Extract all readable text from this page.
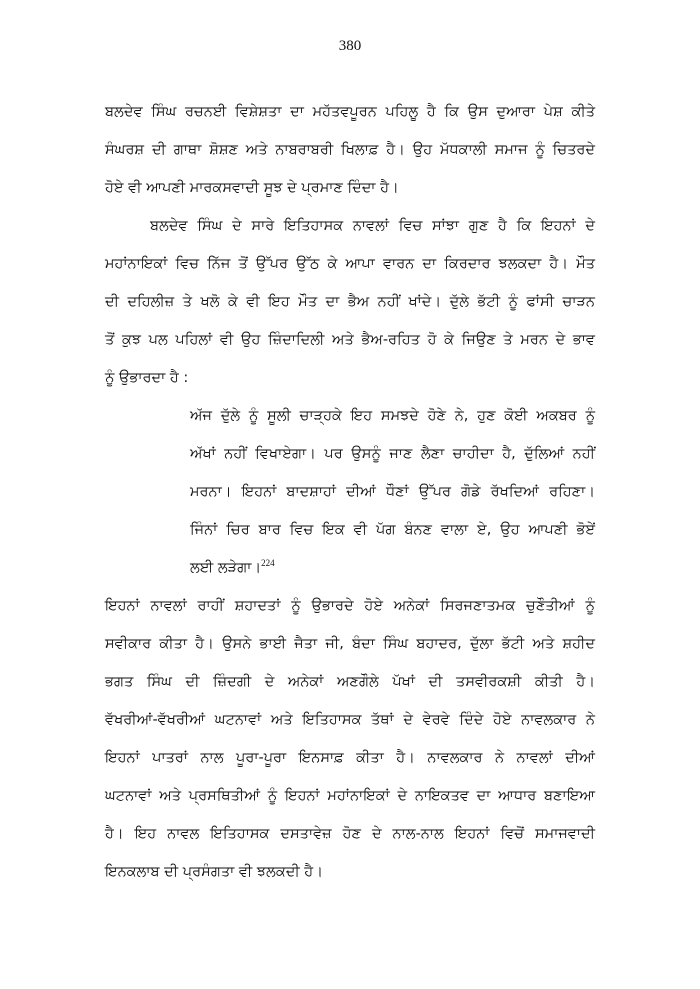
380
ਬਲਦੇਵ ਸਿੰਘ ਰਚਨਈ ਵਿਸ਼ੇਸ਼ਤਾ ਦਾ ਮਹੱਤਵਪੂਰਨ ਪਹਿਲੂ ਹੈ ਕਿ ਉਸ ਦੁਆਰਾ ਪੇਸ਼ ਕੀਤੇ
ਸੰਘਰਸ਼ ਦੀ ਗਾਥਾ ਸ਼ੋਸ਼ਣ ਅਤੇ ਨਾਬਰਾਬਰੀ ਖਿਲਾਫ਼ ਹੈ। ਉਹ ਮੱਧਕਾਲੀ ਸਮਾਜ ਨੂੰ ਚਿਤਰਦੇ
ਹੋਏ ਵੀ ਆਪਣੀ ਮਾਰਕਸਵਾਦੀ ਸੂਝ ਦੇ ਪ੍ਰਮਾਣ ਦਿੰਦਾ ਹੈ।
ਬਲਦੇਵ ਸਿੰਘ ਦੇ ਸਾਰੇ ਇਤਿਹਾਸਕ ਨਾਵਲਾਂ ਵਿਚ ਸਾਂਝਾ ਗੁਣ ਹੈ ਕਿ ਇਹਨਾਂ ਦੇ
ਮਹਾਂਨਾਇਕਾਂ ਵਿਚ ਨਿੱਜ ਤੋਂ ਉੱਪਰ ਉੱਠ ਕੇ ਆਪਾ ਵਾਰਨ ਦਾ ਕਿਰਦਾਰ ਝਲਕਦਾ ਹੈ। ਮੌਤ
ਦੀ ਦਹਿਲੀਜ਼ ਤੇ ਖਲੋ ਕੇ ਵੀ ਇਹ ਮੌਤ ਦਾ ਭੈਅ ਨਹੀਂ ਖਾਂਦੇ। ਦੁੱਲੇ ਭੱਟੀ ਨੂੰ ਫਾਂਸੀ ਚਾੜਨ
ਤੋਂ ਕੁਝ ਪਲ ਪਹਿਲਾਂ ਵੀ ਉਹ ਜ਼ਿੰਦਾਦਿਲੀ ਅਤੇ ਭੈਅ-ਰਹਿਤ ਹੋ ਕੇ ਜਿਉਣ ਤੇ ਮਰਨ ਦੇ ਭਾਵ
ਨੂੰ ਉਭਾਰਦਾ ਹੈ :
ਅੱਜ ਦੁੱਲੇ ਨੂੰ ਸੂਲੀ ਚਾੜ੍ਹਕੇ ਇਹ ਸਮਝਦੇ ਹੋਣੇ ਨੇ, ਹੁਣ ਕੋਈ ਅਕਬਰ ਨੂੰ
ਅੱਖਾਂ ਨਹੀਂ ਵਿਖਾਏਗਾ। ਪਰ ਉਸਨੂੰ ਜਾਣ ਲੈਣਾ ਚਾਹੀਦਾ ਹੈ, ਦੁੱਲਿਆਂ ਨਹੀਂ
ਮਰਨਾ। ਇਹਨਾਂ ਬਾਦਸ਼ਾਹਾਂ ਦੀਆਂ ਧੌਣਾਂ ਉੱਪਰ ਗੋਡੇ ਰੱਖਦਿਆਂ ਰਹਿਣਾ।
ਜਿੰਨਾਂ ਚਿਰ ਬਾਰ ਵਿਚ ਇਕ ਵੀ ਪੱਗ ਬੰਨਣ ਵਾਲਾ ਏ, ਉਹ ਆਪਣੀ ਭੋਏਂ
ਲਈ ਲੜੇਗਾ।$^{224}$
ਇਹਨਾਂ ਨਾਵਲਾਂ ਰਾਹੀਂ ਸ਼ਹਾਦਤਾਂ ਨੂੰ ਉਭਾਰਦੇ ਹੋਏ ਅਨੇਕਾਂ ਸਿਰਜਣਾਤਮਕ ਚੁਣੌਤੀਆਂ ਨੂੰ
ਸਵੀਕਾਰ ਕੀਤਾ ਹੈ। ਉਸਨੇ ਭਾਈ ਜੈਤਾ ਜੀ, ਬੰਦਾ ਸਿੰਘ ਬਹਾਦਰ, ਦੁੱਲਾ ਭੱਟੀ ਅਤੇ ਸ਼ਹੀਦ
ਭਗਤ ਸਿੰਘ ਦੀ ਜ਼ਿੰਦਗੀ ਦੇ ਅਨੇਕਾਂ ਅਣਗੌਲੇ ਪੱਖਾਂ ਦੀ ਤਸਵੀਰਕਸ਼ੀ ਕੀਤੀ ਹੈ।
ਵੱਖਰੀਆਂ-ਵੱਖਰੀਆਂ ਘਟਨਾਵਾਂ ਅਤੇ ਇਤਿਹਾਸਕ ਤੱਥਾਂ ਦੇ ਵੇਰਵੇ ਦਿੰਦੇ ਹੋਏ ਨਾਵਲਕਾਰ ਨੇ
ਇਹਨਾਂ ਪਾਤਰਾਂ ਨਾਲ ਪੂਰਾ-ਪੂਰਾ ਇਨਸਾਫ਼ ਕੀਤਾ ਹੈ। ਨਾਵਲਕਾਰ ਨੇ ਨਾਵਲਾਂ ਦੀਆਂ
ਘਟਨਾਵਾਂ ਅਤੇ ਪ੍ਰਸਥਿਤੀਆਂ ਨੂੰ ਇਹਨਾਂ ਮਹਾਂਨਾਇਕਾਂ ਦੇ ਨਾਇਕਤਵ ਦਾ ਆਧਾਰ ਬਣਾਇਆ
ਹੈ। ਇਹ ਨਾਵਲ ਇਤਿਹਾਸਕ ਦਸਤਾਵੇਜ਼ ਹੋਣ ਦੇ ਨਾਲ-ਨਾਲ ਇਹਨਾਂ ਵਿਚੋਂ ਸਮਾਜਵਾਦੀ
ਇਨਕਲਾਬ ਦੀ ਪ੍ਰਸੰਗਤਾ ਵੀ ਝਲਕਦੀ ਹੈ।
